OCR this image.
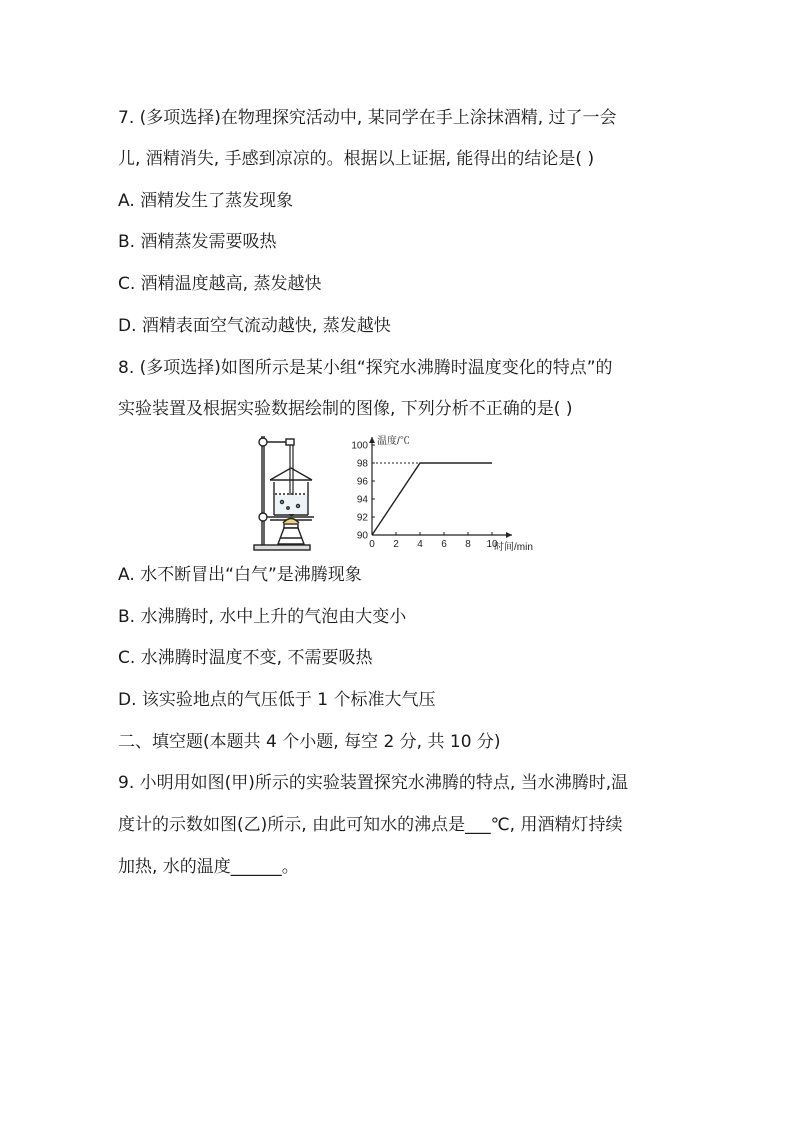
7. (多项选择)在物理探究活动中, 某同学在手上涂抹酒精, 过了一会
儿, 酒精消失, 手感到凉凉的。根据以上证据, 能得出的结论是( )
A. 酒精发生了蒸发现象
B. 酒精蒸发需要吸热
C. 酒精温度越高, 蒸发越快
D. 酒精表面空气流动越快, 蒸发越快
8. (多项选择)如图所示是某小组“探究水沸腾时温度变化的特点”的
实验装置及根据实验数据绘制的图像, 下列分析不正确的是( )
0 2 4 6 8 10
90
92
94
96
98
100 温度/℃
时间/min
A. 水不断冒出“白气”是沸腾现象
B. 水沸腾时, 水中上升的气泡由大变小
C. 水沸腾时温度不变, 不需要吸热
D. 该实验地点的气压低于 1 个标准大气压
二、填空题(本题共 4 个小题, 每空 2 分, 共 10 分)
9. 小明用如图(甲)所示的实验装置探究水沸腾的特点, 当水沸腾时,温
度计的示数如图(乙)所示, 由此可知水的沸点是___℃, 用酒精灯持续
加热, 水的温度______。
